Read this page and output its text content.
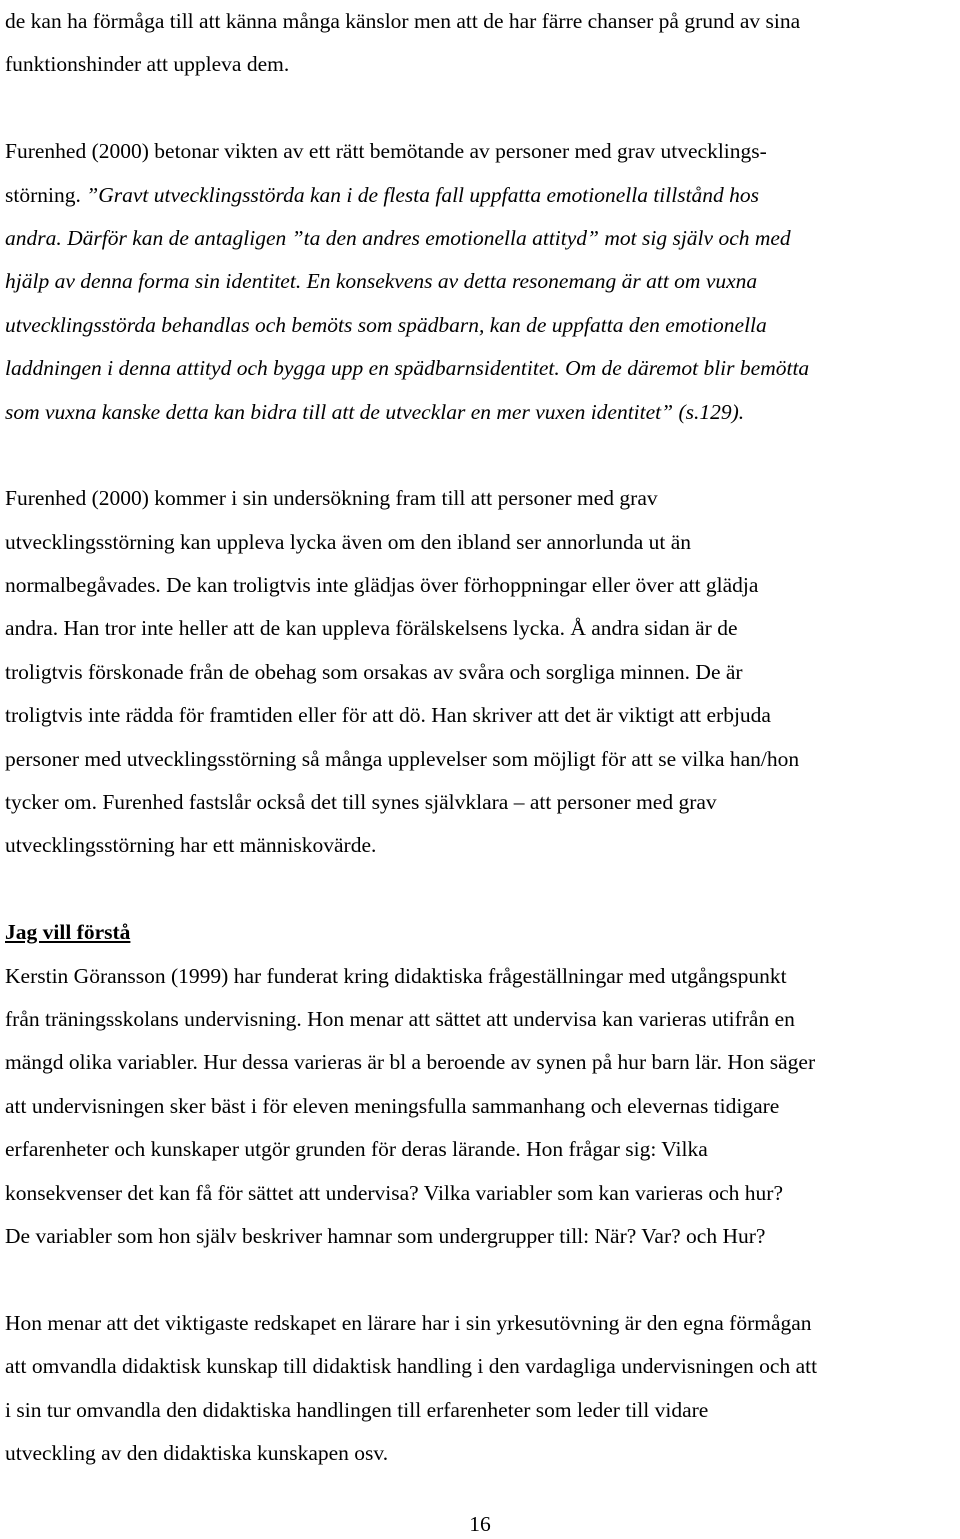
de kan ha förmåga till att känna många känslor men att de har färre chanser på grund av sina
funktionshinder att uppleva dem.

Furenhed (2000) betonar vikten av ett rätt bemötande av personer med grav utvecklings-
störning. ”Gravt utvecklingsstörda kan i de flesta fall uppfatta emotionella tillstånd hos
andra. Därför kan de antagligen ”ta den andres emotionella attityd” mot sig själv och med
hjälp av denna forma sin identitet. En konsekvens av detta resonemang är att om vuxna
utvecklingsstörda behandlas och bemöts som spädbarn, kan de uppfatta den emotionella
laddningen i denna attityd och bygga upp en spädbarnsidentitet. Om de däremot blir bemötta
som vuxna kanske detta kan bidra till att de utvecklar en mer vuxen identitet” (s.129).

Furenhed (2000) kommer i sin undersökning fram till att personer med grav
utvecklingsstörning kan uppleva lycka även om den ibland ser annorlunda ut än
normalbegåvades. De kan troligtvis inte glädjas över förhoppningar eller över att glädja
andra. Han tror inte heller att de kan uppleva förälskelsens lycka. Å andra sidan är de
troligtvis förskonade från de obehag som orsakas av svåra och sorgliga minnen. De är
troligtvis inte rädda för framtiden eller för att dö. Han skriver att det är viktigt att erbjuda
personer med utvecklingsstörning så många upplevelser som möjligt för att se vilka han/hon
tycker om. Furenhed fastslår också det till synes självklara – att personer med grav
utvecklingsstörning har ett människovärde.

Jag vill förstå

Kerstin Göransson (1999) har funderat kring didaktiska frågeställningar med utgångspunkt
från träningsskolans undervisning. Hon menar att sättet att undervisa kan varieras utifrån en
mängd olika variabler. Hur dessa varieras är bl a beroende av synen på hur barn lär. Hon säger
att undervisningen sker bäst i för eleven meningsfulla sammanhang och elevernas tidigare
erfarenheter och kunskaper utgör grunden för deras lärande. Hon frågar sig: Vilka
konsekvenser det kan få för sättet att undervisa? Vilka variabler som kan varieras och hur?
De variabler som hon själv beskriver hamnar som undergrupper till: När? Var? och Hur?

Hon menar att det viktigaste redskapet en lärare har i sin yrkesutövning är den egna förmågan
att omvandla didaktisk kunskap till didaktisk handling i den vardagliga undervisningen och att
i sin tur omvandla den didaktiska handlingen till erfarenheter som leder till vidare
utveckling av den didaktiska kunskapen osv.

16
